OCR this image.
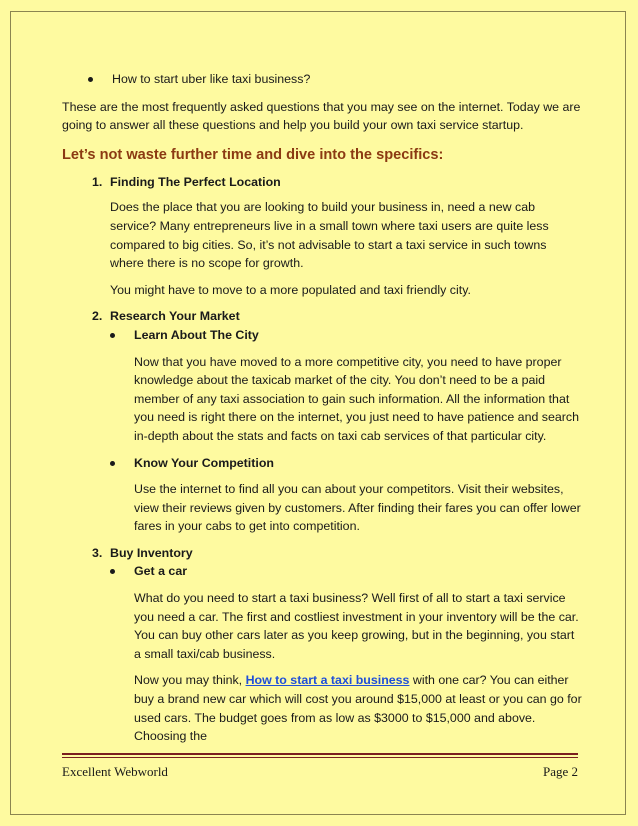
How to start uber like taxi business?

These are the most frequently asked questions that you may see on the internet. Today we are going to answer all these questions and help you build your own taxi service startup.

Let’s not waste further time and dive into the specifics:
1. Finding The Perfect Location

Does the place that you are looking to build your business in, need a new cab service? Many entrepreneurs live in a small town where taxi users are quite less compared to big cities. So, it’s not advisable to start a taxi service in such towns where there is no scope for growth.

You might have to move to a more populated and taxi friendly city.

2. Research Your Market
Learn About The City

Now that you have moved to a more competitive city, you need to have proper knowledge about the taxicab market of the city. You don’t need to be a paid member of any taxi association to gain such information. All the information that you need is right there on the internet, you just need to have patience and search in-depth about the stats and facts on taxi cab services of that particular city.

Know Your Competition

Use the internet to find all you can about your competitors. Visit their websites, view their reviews given by customers. After finding their fares you can offer lower fares in your cabs to get into competition.

3. Buy Inventory
Get a car

What do you need to start a taxi business? Well first of all to start a taxi service you need a car. The first and costliest investment in your inventory will be the car. You can buy other cars later as you keep growing, but in the beginning, you start a small taxi/cab business.

Now you may think, How to start a taxi business with one car? You can either buy a brand new car which will cost you around $15,000 at least or you can go for used cars. The budget goes from as low as $3000 to $15,000 and above. Choosing the

Excellent Webworld	Page 2
